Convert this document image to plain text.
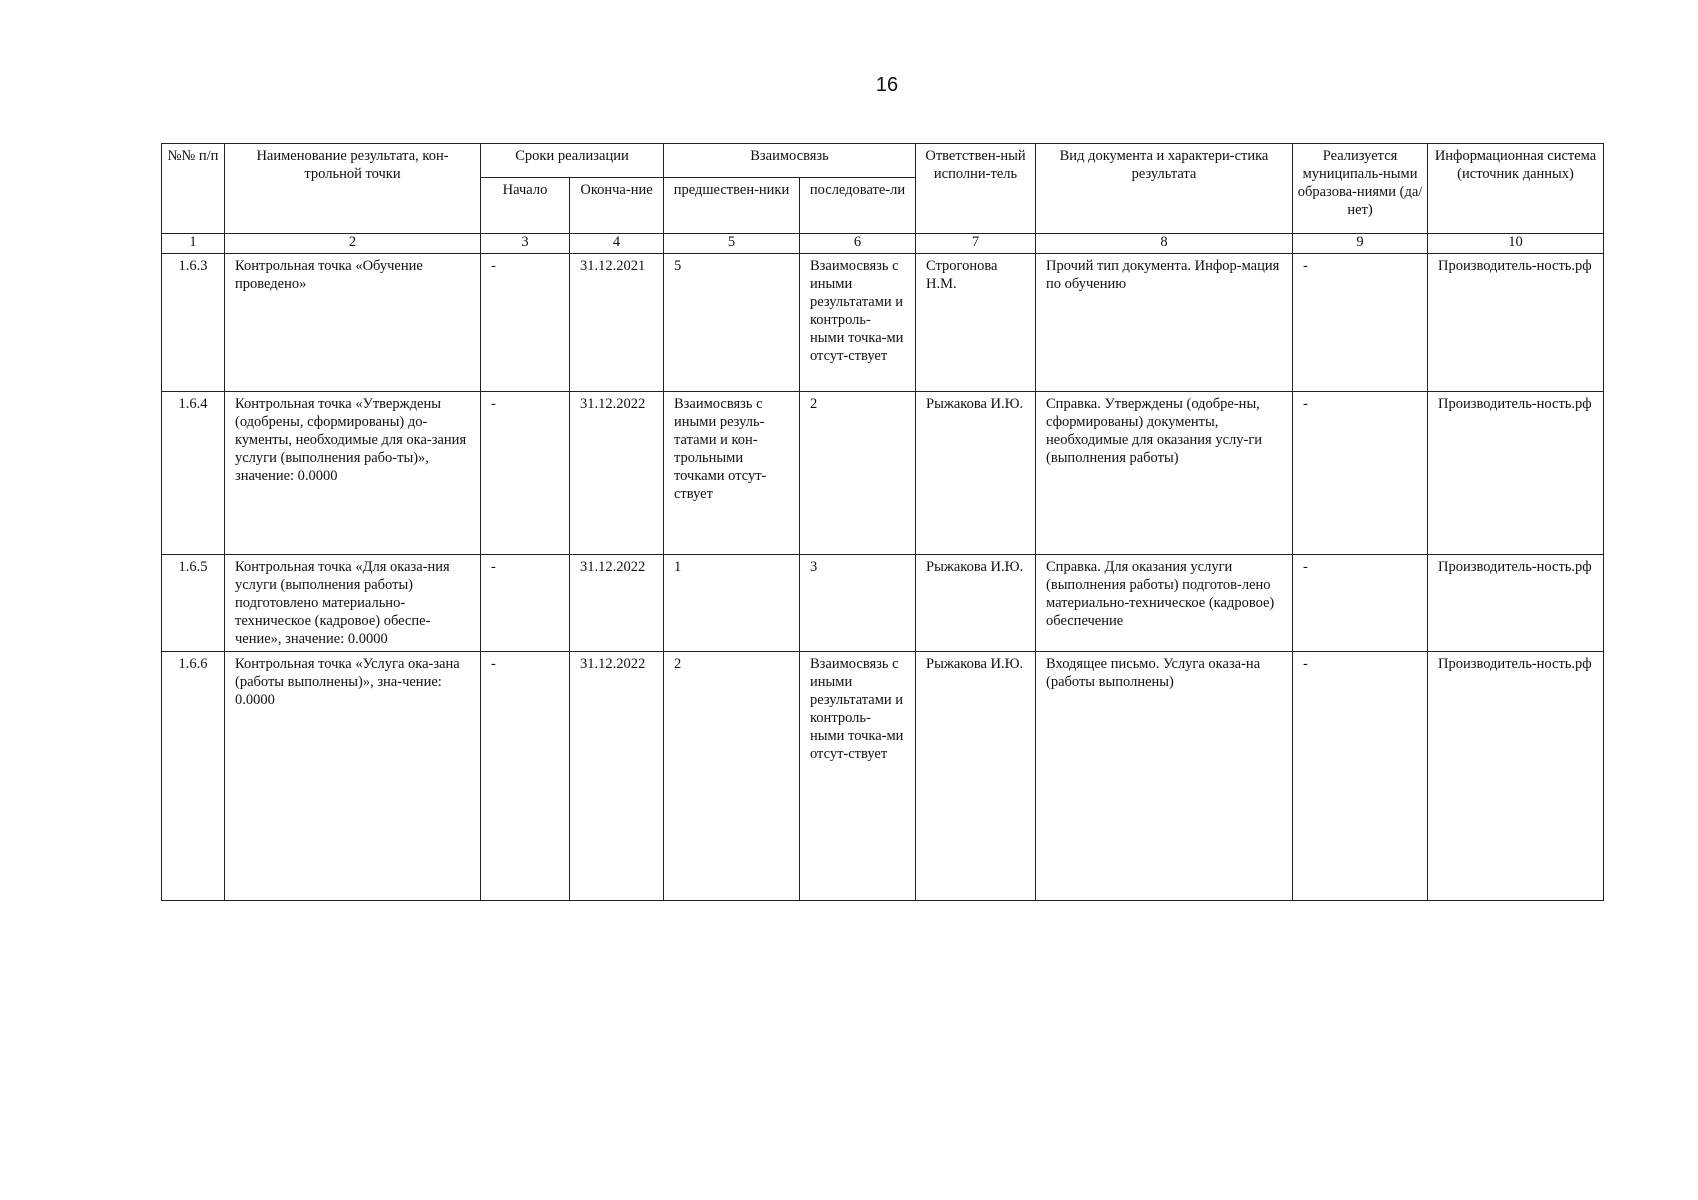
16
№№ п/п	Наименование результата, кон-трольной точки	Сроки реализации		Взаимосвязь		Ответствен-ный исполни-тель	Вид документа и характери-стика результата	Реализуется муниципаль-ными образова-ниями (да/нет)	Информационная система (источник данных)
		Начало	Оконча-ние	предшествен-ники	последовате-ли				
1	2	3	4	5	6	7	8	9	10
1.6.3	Контрольная точка «Обучение проведено»	-	31.12.2021	5	Взаимосвязь с иными результатами и контроль-ными точка-ми отсут-ствует	Строгонова Н.М.	Прочий тип документа. Инфор-мация по обучению	-	Производитель-ность.рф
1.6.4	Контрольная точка «Утверждены (одобрены, сформированы) до-кументы, необходимые для ока-зания услуги (выполнения рабо-ты)», значение: 0.0000	-	31.12.2022	Взаимосвязь с иными резуль-татами и кон-трольными точками отсут-ствует	2	Рыжакова И.Ю.	Справка. Утверждены (одобре-ны, сформированы) документы, необходимые для оказания услу-ги (выполнения работы)	-	Производитель-ность.рф
1.6.5	Контрольная точка «Для оказа-ния услуги (выполнения работы) подготовлено материально-техническое (кадровое) обеспе-чение», значение: 0.0000	-	31.12.2022	1	3	Рыжакова И.Ю.	Справка. Для оказания услуги (выполнения работы) подготов-лено материально-техническое (кадровое) обеспечение	-	Производитель-ность.рф
1.6.6	Контрольная точка «Услуга ока-зана (работы выполнены)», зна-чение: 0.0000	-	31.12.2022	2	Взаимосвязь с иными результатами и контроль-ными точка-ми отсут-ствует	Рыжакова И.Ю.	Входящее письмо. Услуга оказа-на (работы выполнены)	-	Производитель-ность.рф
